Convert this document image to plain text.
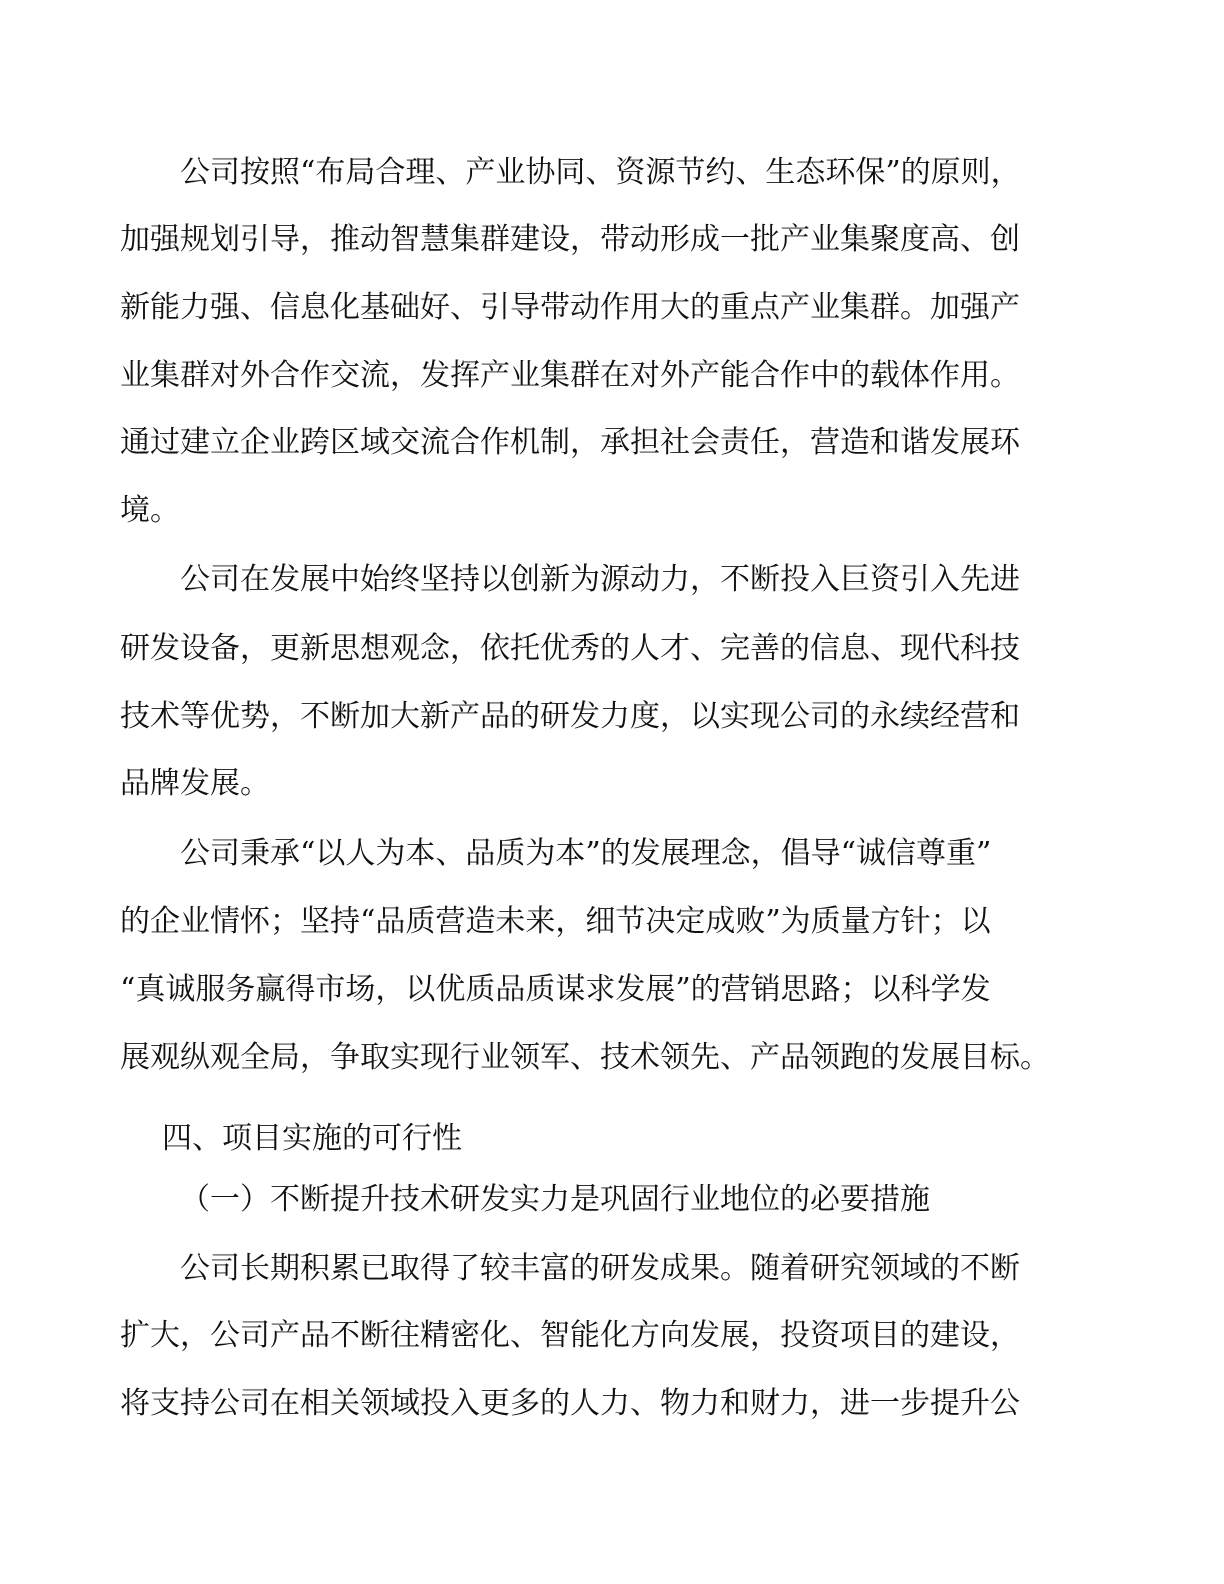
公司按照“布局合理、产业协同、资源节约、生态环保”的原则，
加强规划引导，推动智慧集群建设，带动形成一批产业集聚度高、创
新能力强、信息化基础好、引导带动作用大的重点产业集群。加强产
业集群对外合作交流，发挥产业集群在对外产能合作中的载体作用。
通过建立企业跨区域交流合作机制，承担社会责任，营造和谐发展环
境。
公司在发展中始终坚持以创新为源动力，不断投入巨资引入先进
研发设备，更新思想观念，依托优秀的人才、完善的信息、现代科技
技术等优势，不断加大新产品的研发力度，以实现公司的永续经营和
品牌发展。
公司秉承“以人为本、品质为本”的发展理念，倡导“诚信尊重”
的企业情怀；坚持“品质营造未来，细节决定成败”为质量方针；以
“真诚服务赢得市场，以优质品质谋求发展”的营销思路；以科学发
展观纵观全局，争取实现行业领军、技术领先、产品领跑的发展目标。
四、项目实施的可行性
（一）不断提升技术研发实力是巩固行业地位的必要措施
公司长期积累已取得了较丰富的研发成果。随着研究领域的不断
扩大，公司产品不断往精密化、智能化方向发展，投资项目的建设，
将支持公司在相关领域投入更多的人力、物力和财力，进一步提升公
